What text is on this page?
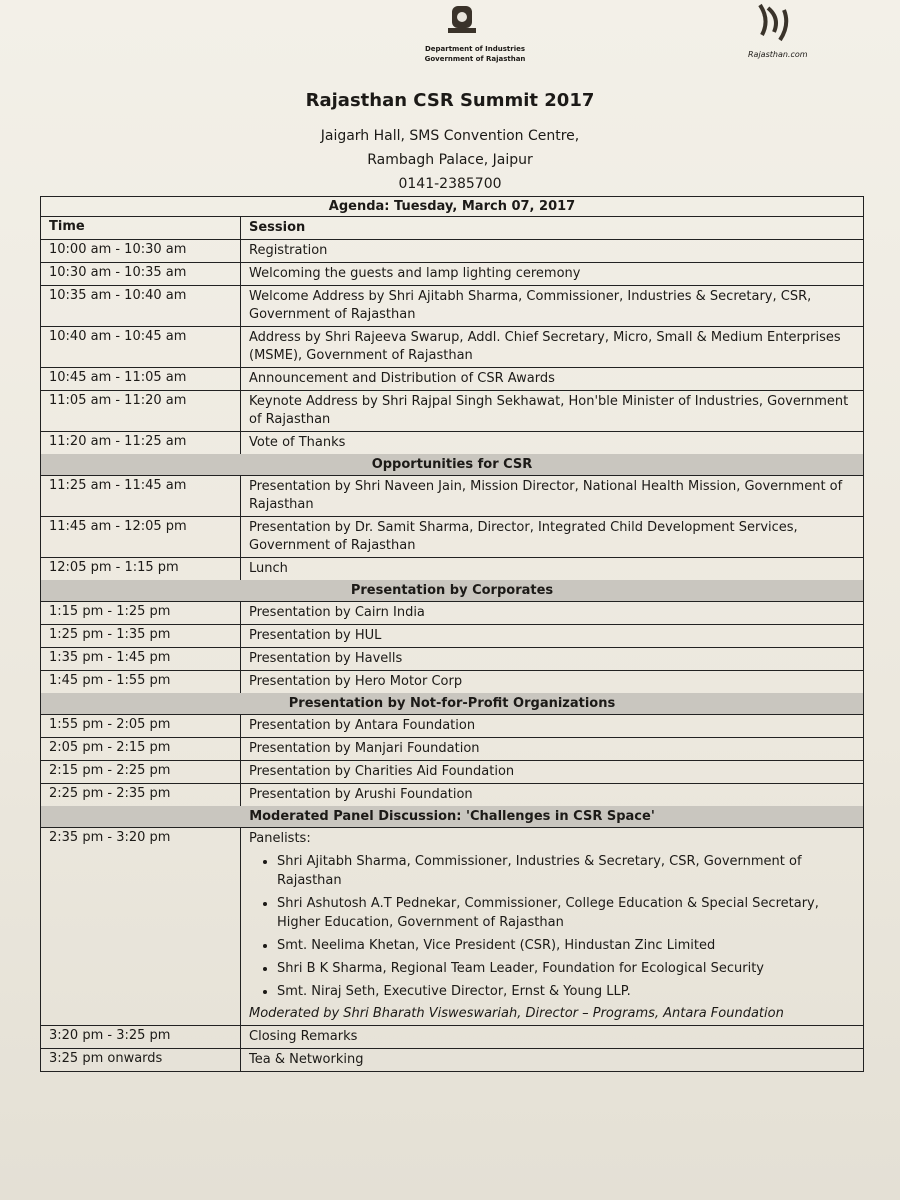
Department of Industries
Government of Rajasthan	Rajasthan.com
Rajasthan CSR Summit 2017
Jaigarh Hall, SMS Convention Centre,
Rambagh Palace, Jaipur
0141-2385700
Agenda: Tuesday, March 07, 2017
Time	Session
10:00 am - 10:30 am	Registration
10:30 am - 10:35 am	Welcoming the guests and lamp lighting ceremony
10:35 am - 10:40 am	Welcome Address by Shri Ajitabh Sharma, Commissioner, Industries & Secretary, CSR, Government of Rajasthan
10:40 am - 10:45 am	Address by Shri Rajeeva Swarup, Addl. Chief Secretary, Micro, Small & Medium Enterprises (MSME), Government of Rajasthan
10:45 am - 11:05 am	Announcement and Distribution of CSR Awards
11:05 am - 11:20 am	Keynote Address by Shri Rajpal Singh Sekhawat, Hon'ble Minister of Industries, Government of Rajasthan
11:20 am - 11:25 am	Vote of Thanks
Opportunities for CSR
11:25 am - 11:45 am	Presentation by Shri Naveen Jain, Mission Director, National Health Mission, Government of Rajasthan
11:45 am - 12:05 pm	Presentation by Dr. Samit Sharma, Director, Integrated Child Development Services, Government of Rajasthan
12:05 pm - 1:15 pm	Lunch
Presentation by Corporates
1:15 pm - 1:25 pm	Presentation by Cairn India
1:25 pm - 1:35 pm	Presentation by HUL
1:35 pm - 1:45 pm	Presentation by Havells
1:45 pm - 1:55 pm	Presentation by Hero Motor Corp
Presentation by Not-for-Profit Organizations
1:55 pm - 2:05 pm	Presentation by Antara Foundation
2:05 pm - 2:15 pm	Presentation by Manjari Foundation
2:15 pm - 2:25 pm	Presentation by Charities Aid Foundation
2:25 pm - 2:35 pm	Presentation by Arushi Foundation
Moderated Panel Discussion: 'Challenges in CSR Space'
2:35 pm - 3:20 pm	Panelists:
• Shri Ajitabh Sharma, Commissioner, Industries & Secretary, CSR, Government of Rajasthan
• Shri Ashutosh A.T Pednekar, Commissioner, College Education & Special Secretary, Higher Education, Government of Rajasthan
• Smt. Neelima Khetan, Vice President (CSR), Hindustan Zinc Limited
• Shri B K Sharma, Regional Team Leader, Foundation for Ecological Security
• Smt. Niraj Seth, Executive Director, Ernst & Young LLP.
Moderated by Shri Bharath Visweswariah, Director – Programs, Antara Foundation
3:20 pm - 3:25 pm	Closing Remarks
3:25 pm onwards	Tea & Networking
